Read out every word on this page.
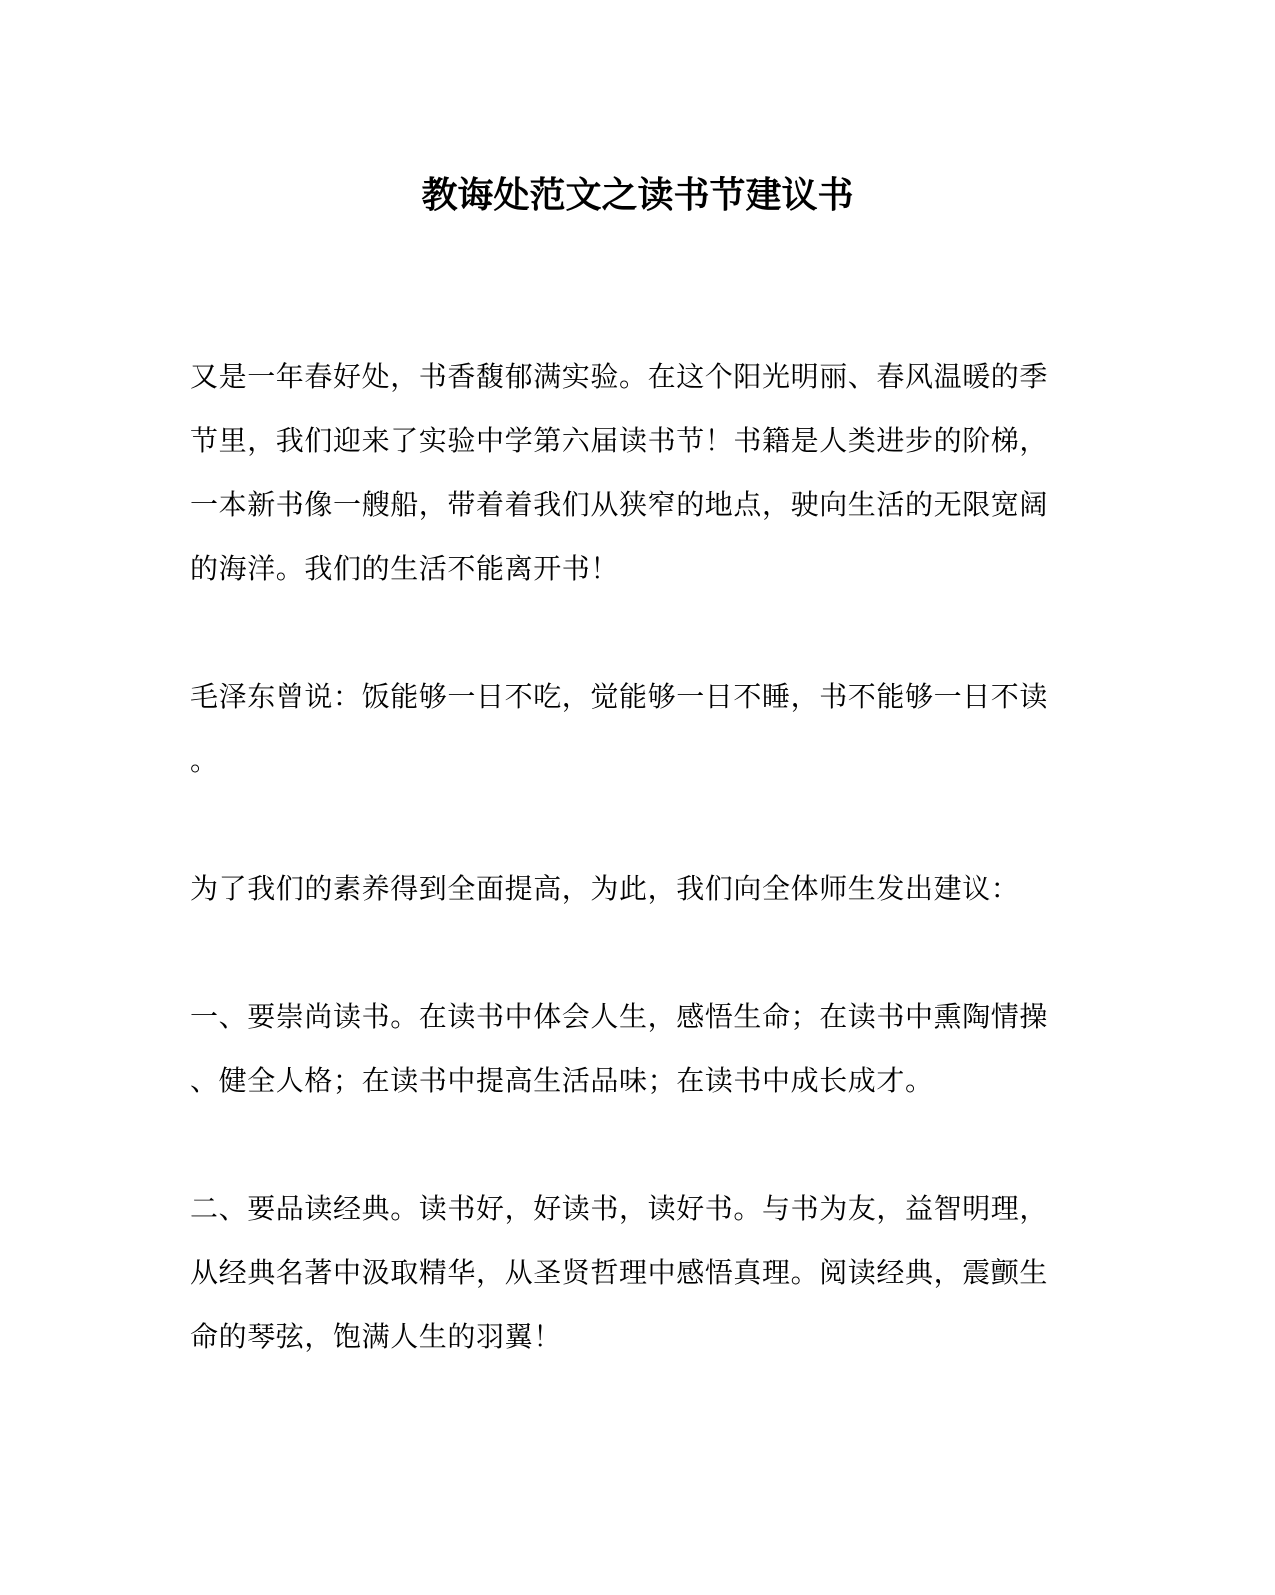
教诲处范文之读书节建议书

又是一年春好处，书香馥郁满实验。在这个阳光明丽、春风温暖的季
节里，我们迎来了实验中学第六届读书节！书籍是人类进步的阶梯，
一本新书像一艘船，带着着我们从狭窄的地点，驶向生活的无限宽阔
的海洋。我们的生活不能离开书！

毛泽东曾说：饭能够一日不吃，觉能够一日不睡，书不能够一日不读
。

为了我们的素养得到全面提高，为此，我们向全体师生发出建议：

一、要崇尚读书。在读书中体会人生，感悟生命；在读书中熏陶情操
、健全人格；在读书中提高生活品味；在读书中成长成才。

二、要品读经典。读书好，好读书，读好书。与书为友，益智明理，
从经典名著中汲取精华，从圣贤哲理中感悟真理。阅读经典，震颤生
命的琴弦，饱满人生的羽翼！
